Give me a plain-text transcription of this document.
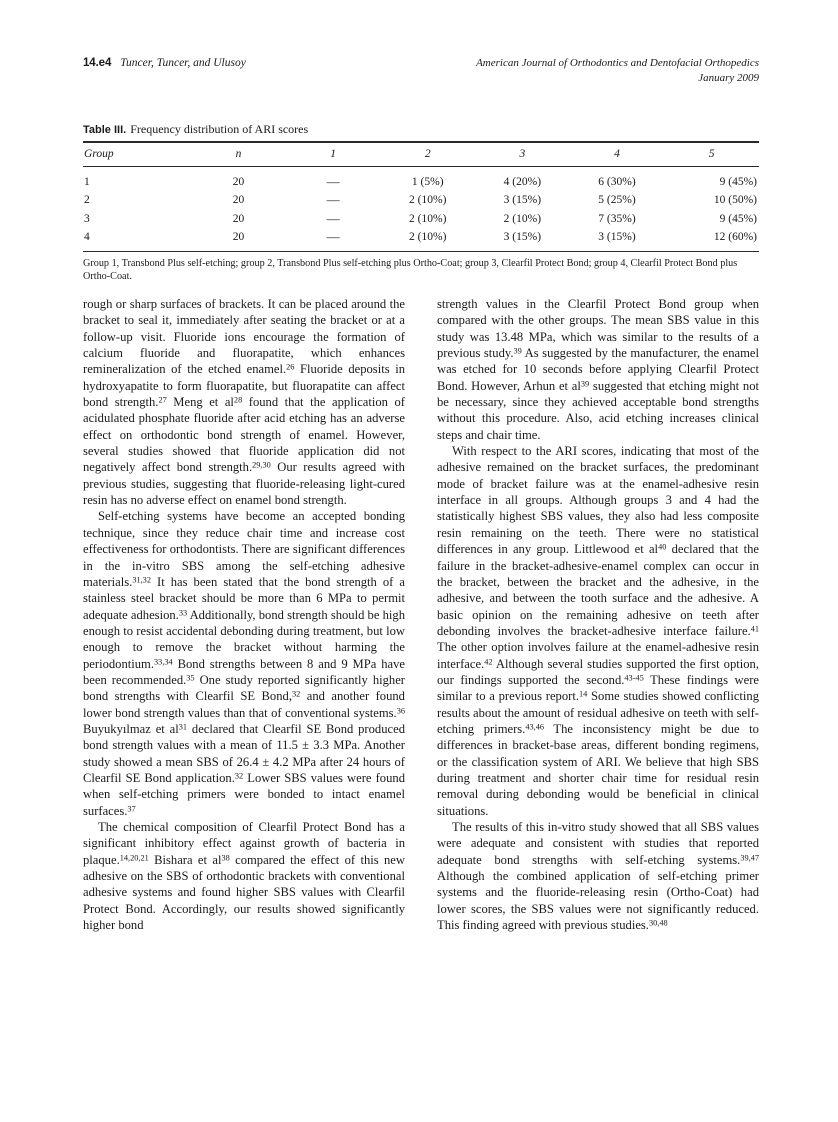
14.e4 Tuncer, Tuncer, and Ulusoy	American Journal of Orthodontics and Dentofacial Orthopedics
January 2009
Table III. Frequency distribution of ARI scores
Group	n	1	2	3	4	5
1	20	—	1 (5%)	4 (20%)	6 (30%)	9 (45%)
2	20	—	2 (10%)	3 (15%)	5 (25%)	10 (50%)
3	20	—	2 (10%)	2 (10%)	7 (35%)	9 (45%)
4	20	—	2 (10%)	3 (15%)	3 (15%)	12 (60%)
Group 1, Transbond Plus self-etching; group 2, Transbond Plus self-etching plus Ortho-Coat; group 3, Clearfil Protect Bond; group 4, Clearfil Protect Bond plus Ortho-Coat.

rough or sharp surfaces of brackets. It can be placed around the bracket to seal it, immediately after seating the bracket or at a follow-up visit. Fluoride ions encourage the formation of calcium fluoride and fluorapatite, which enhances remineralization of the etched enamel.$^{26}$ Fluoride deposits in hydroxyapatite to form fluorapatite, but fluorapatite can affect bond strength.$^{27}$ Meng et $al^{28}$ found that the application of acidulated phosphate fluoride after acid etching has an adverse effect on orthodontic bond strength of enamel. However, several studies showed that fluoride application did not negatively affect bond strength.$^{29,30}$ Our results agreed with previous studies, suggesting that fluoride-releasing light-cured resin has no adverse effect on enamel bond strength.

Self-etching systems have become an accepted bonding technique, since they reduce chair time and increase cost effectiveness for orthodontists. There are significant differences in the in-vitro SBS among the self-etching adhesive materials.$^{31,32}$ It has been stated that the bond strength of a stainless steel bracket should be more than 6 MPa to permit adequate adhesion.$^{33}$ Additionally, bond strength should be high enough to resist accidental debonding during treatment, but low enough to remove the bracket without harming the periodontium.$^{33,34}$ Bond strengths between 8 and 9 MPa have been recommended.$^{35}$ One study reported significantly higher bond strengths with Clearfil SE Bond,$^{32}$ and another found lower bond strength values than that of conventional systems.$^{36}$ Buyukyılmaz et $al^{31}$ declared that Clearfil SE Bond produced bond strength values with a mean of 11.5 ± 3.3 MPa. Another study showed a mean SBS of 26.4 ± 4.2 MPa after 24 hours of Clearfil SE Bond application.$^{32}$ Lower SBS values were found when self-etching primers were bonded to intact enamel surfaces.$^{37}$

The chemical composition of Clearfil Protect Bond has a significant inhibitory effect against growth of bacteria in plaque.$^{14,20,21}$ Bishara et $al^{38}$ compared the effect of this new adhesive on the SBS of orthodontic brackets with conventional adhesive systems and found higher SBS values with Clearfil Protect Bond. Accordingly, our results showed significantly higher bond

strength values in the Clearfil Protect Bond group when compared with the other groups. The mean SBS value in this study was 13.48 MPa, which was similar to the results of a previous study.$^{39}$ As suggested by the manufacturer, the enamel was etched for 10 seconds before applying Clearfil Protect Bond. However, Arhun et $al^{39}$ suggested that etching might not be necessary, since they achieved acceptable bond strengths without this procedure. Also, acid etching increases clinical steps and chair time.

With respect to the ARI scores, indicating that most of the adhesive remained on the bracket surfaces, the predominant mode of bracket failure was at the enamel-adhesive resin interface in all groups. Although groups 3 and 4 had the statistically highest SBS values, they also had less composite resin remaining on the teeth. There were no statistical differences in any group. Littlewood et $al^{40}$ declared that the failure in the bracket-adhesive-enamel complex can occur in the bracket, between the bracket and the adhesive, in the adhesive, and between the tooth surface and the adhesive. A basic opinion on the remaining adhesive on teeth after debonding involves the bracket-adhesive interface failure.$^{41}$ The other option involves failure at the enamel-adhesive resin interface.$^{42}$ Although several studies supported the first option, our findings supported the second.$^{43-45}$ These findings were similar to a previous report.$^{14}$ Some studies showed conflicting results about the amount of residual adhesive on teeth with self-etching primers.$^{43,46}$ The inconsistency might be due to differences in bracket-base areas, different bonding regimens, or the classification system of ARI. We believe that high SBS during treatment and shorter chair time for residual resin removal during debonding would be beneficial in clinical situations.

The results of this in-vitro study showed that all SBS values were adequate and consistent with studies that reported adequate bond strengths with self-etching systems.$^{39,47}$ Although the combined application of self-etching primer systems and the fluoride-releasing resin (Ortho-Coat) had lower scores, the SBS values were not significantly reduced. This finding agreed with previous studies.$^{30,48}$
